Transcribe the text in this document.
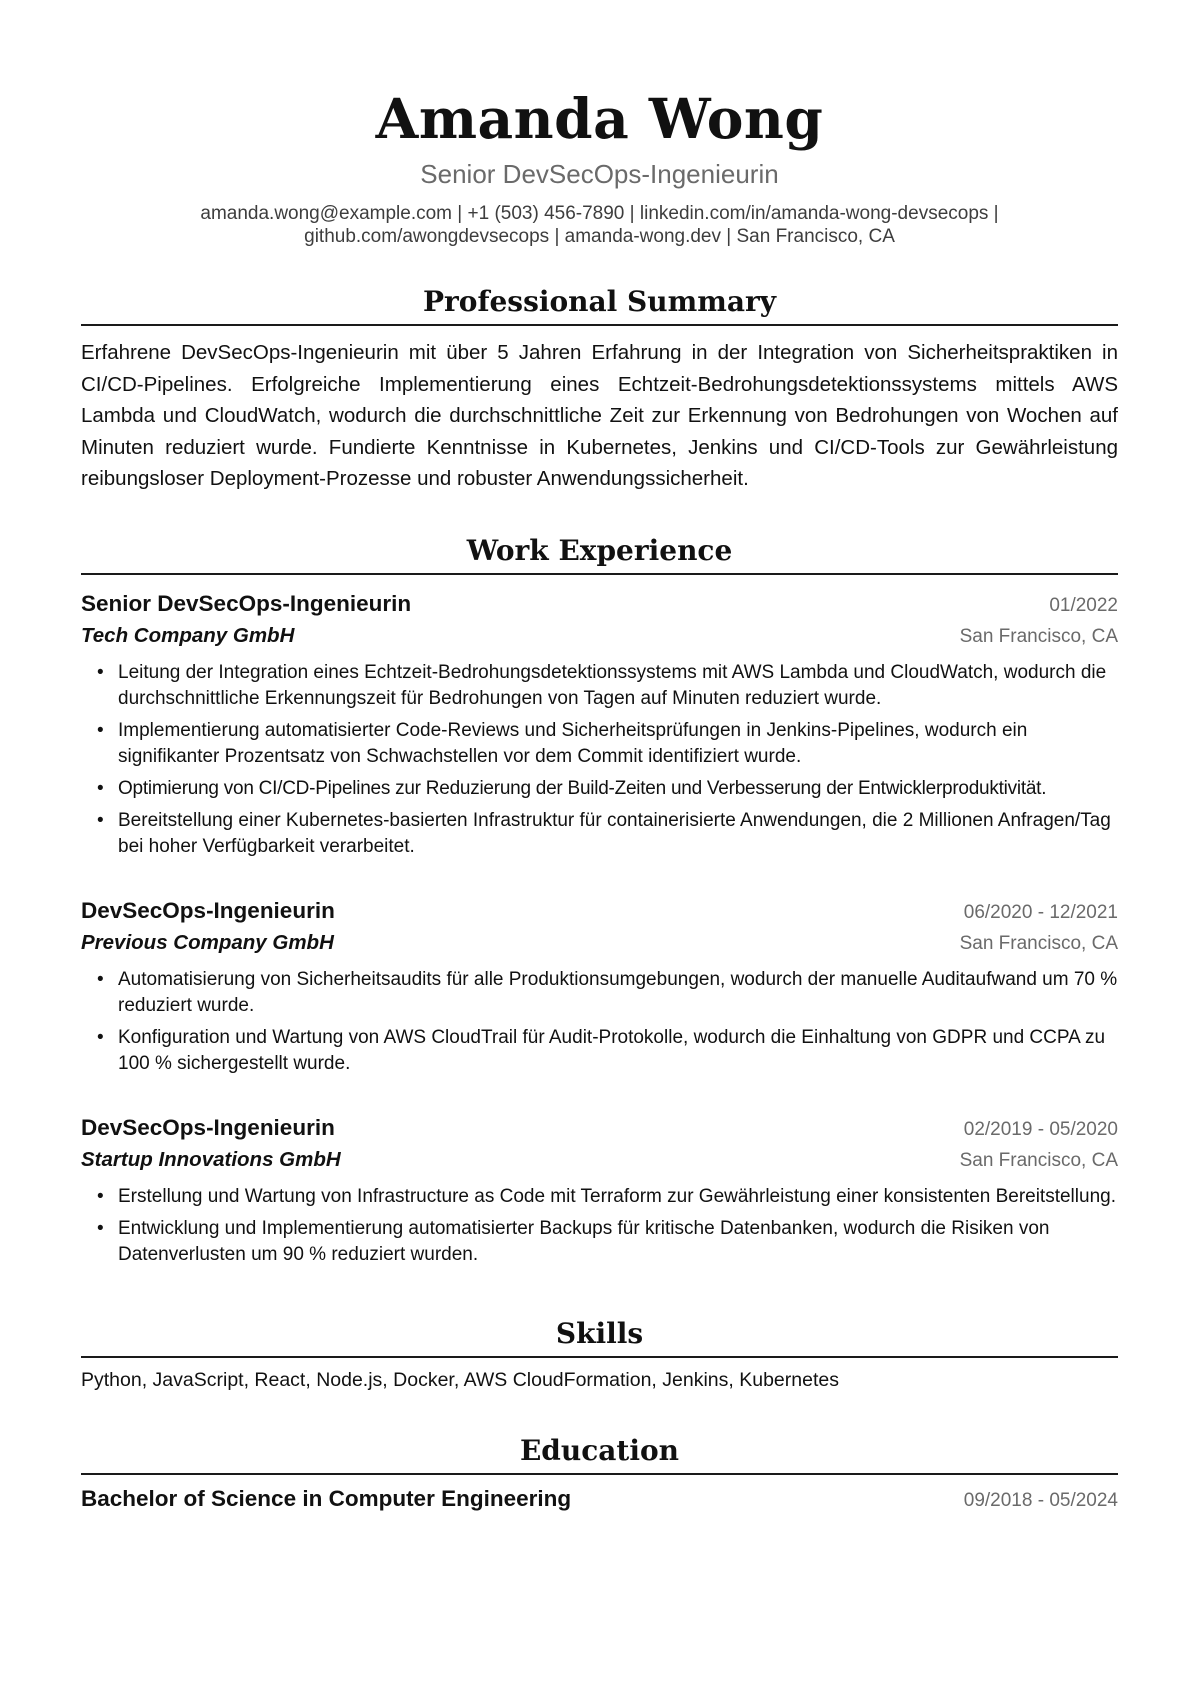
Amanda Wong
Senior DevSecOps-Ingenieurin
amanda.wong@example.com | +1 (503) 456-7890 | linkedin.com/in/amanda-wong-devsecops |
github.com/awongdevsecops | amanda-wong.dev | San Francisco, CA
Professional Summary
Erfahrene DevSecOps-Ingenieurin mit über 5 Jahren Erfahrung in der Integration von Sicherheitspraktiken in CI/CD-Pipelines. Erfolgreiche Implementierung eines Echtzeit-Bedrohungsdetektionssystems mittels AWS Lambda und CloudWatch, wodurch die durchschnittliche Zeit zur Erkennung von Bedrohungen von Wochen auf Minuten reduziert wurde. Fundierte Kenntnisse in Kubernetes, Jenkins und CI/CD-Tools zur Gewährleistung reibungsloser Deployment-Prozesse und robuster Anwendungssicherheit.
Work Experience
Senior DevSecOps-Ingenieurin	01/2022
Tech Company GmbH	San Francisco, CA
• Leitung der Integration eines Echtzeit-Bedrohungsdetektionssystems mit AWS Lambda und CloudWatch, wodurch die durchschnittliche Erkennungszeit für Bedrohungen von Tagen auf Minuten reduziert wurde.
• Implementierung automatisierter Code-Reviews und Sicherheitsprüfungen in Jenkins-Pipelines, wodurch ein signifikanter Prozentsatz von Schwachstellen vor dem Commit identifiziert wurde.
• Optimierung von CI/CD-Pipelines zur Reduzierung der Build-Zeiten und Verbesserung der Entwicklerproduktivität.
• Bereitstellung einer Kubernetes-basierten Infrastruktur für containerisierte Anwendungen, die 2 Millionen Anfragen/Tag bei hoher Verfügbarkeit verarbeitet.
DevSecOps-Ingenieurin	06/2020 - 12/2021
Previous Company GmbH	San Francisco, CA
• Automatisierung von Sicherheitsaudits für alle Produktionsumgebungen, wodurch der manuelle Auditaufwand um 70 % reduziert wurde.
• Konfiguration und Wartung von AWS CloudTrail für Audit-Protokolle, wodurch die Einhaltung von GDPR und CCPA zu 100 % sichergestellt wurde.
DevSecOps-Ingenieurin	02/2019 - 05/2020
Startup Innovations GmbH	San Francisco, CA
• Erstellung und Wartung von Infrastructure as Code mit Terraform zur Gewährleistung einer konsistenten Bereitstellung.
• Entwicklung und Implementierung automatisierter Backups für kritische Datenbanken, wodurch die Risiken von Datenverlusten um 90 % reduziert wurden.
Skills
Python, JavaScript, React, Node.js, Docker, AWS CloudFormation, Jenkins, Kubernetes
Education
Bachelor of Science in Computer Engineering	09/2018 - 05/2024
